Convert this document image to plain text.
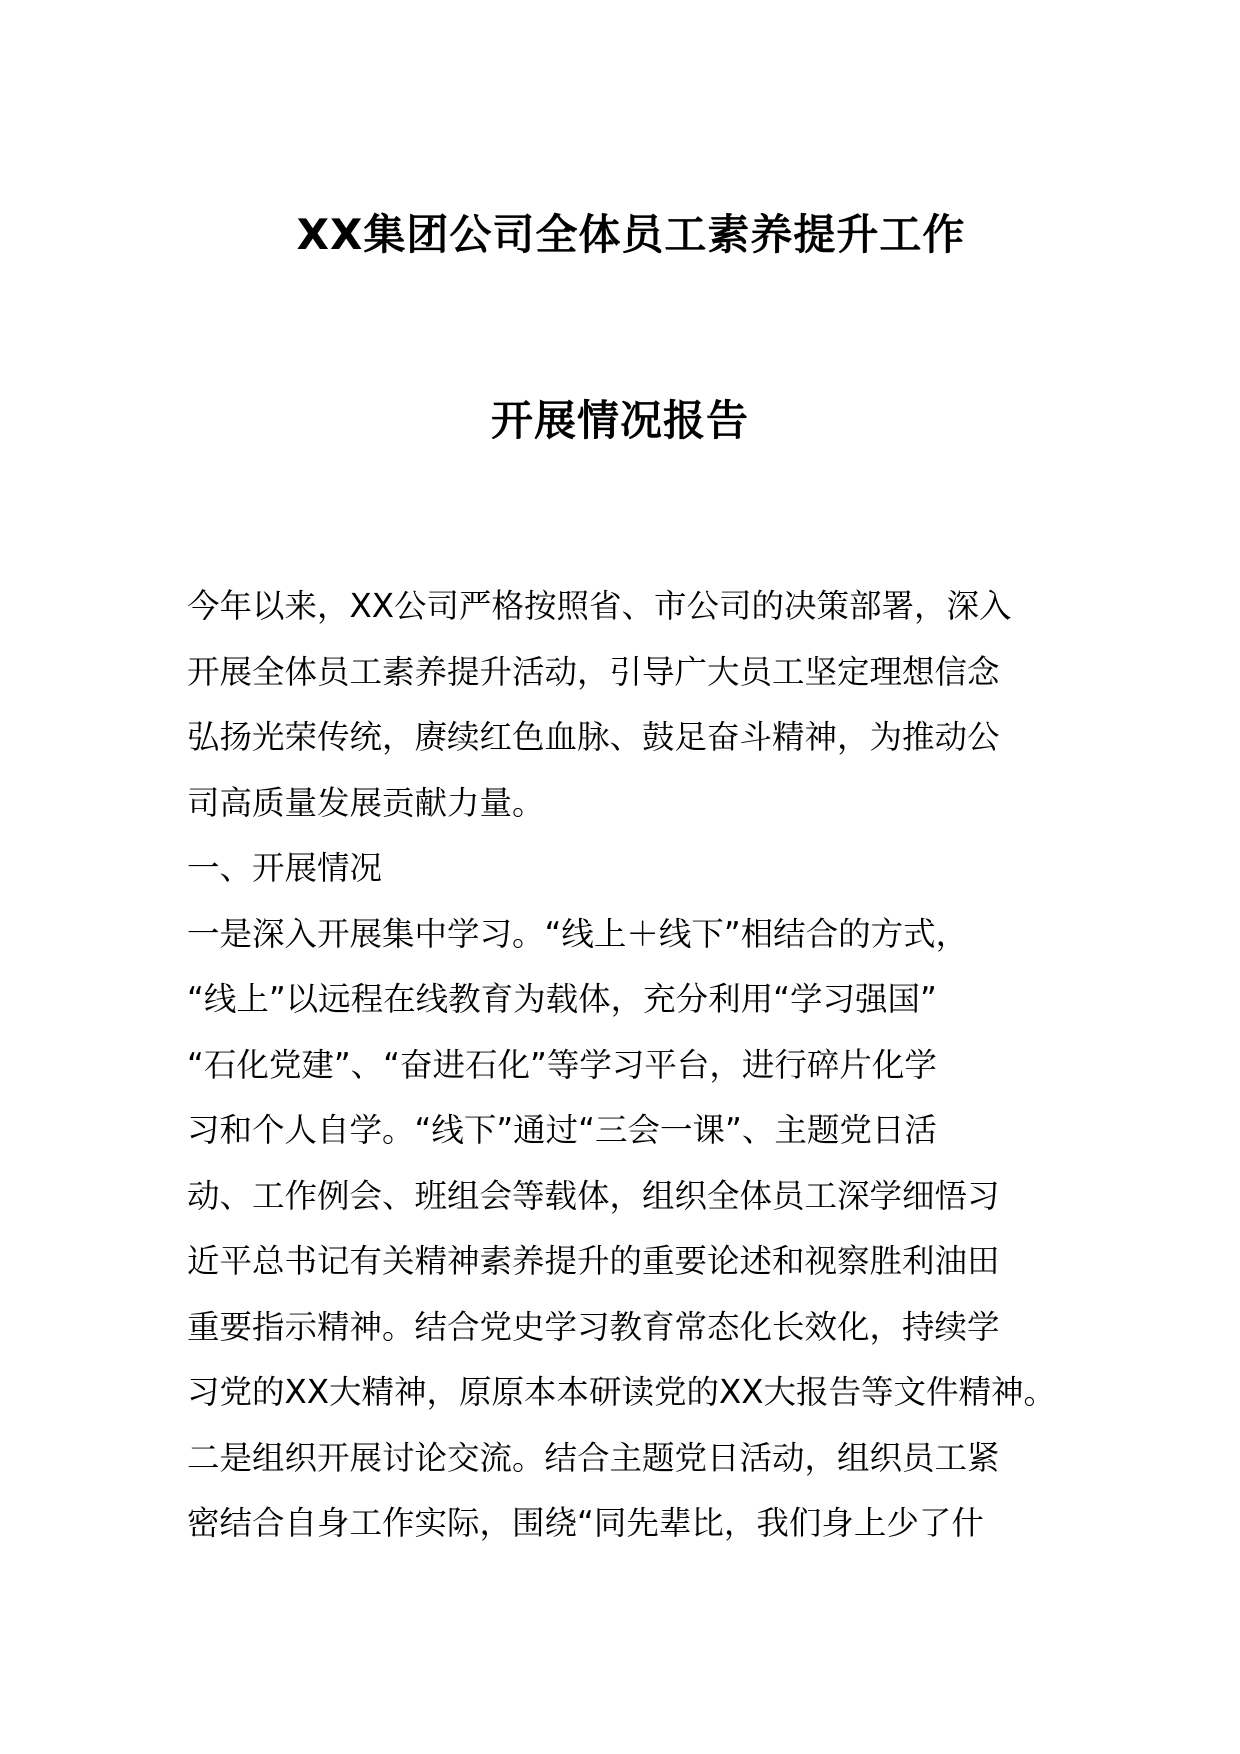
XX集团公司全体员工素养提升工作
开展情况报告

今年以来，XX公司严格按照省、市公司的决策部署，深入

开展全体员工素养提升活动，引导广大员工坚定理想信念

弘扬光荣传统，赓续红色血脉、鼓足奋斗精神，为推动公

司高质量发展贡献力量。

一、开展情况

一是深入开展集中学习。“线上＋线下”相结合的方式，

“线上”以远程在线教育为载体，充分利用“学习强国”

“石化党建”、“奋进石化”等学习平台，进行碎片化学

习和个人自学。“线下”通过“三会一课”、主题党日活

动、工作例会、班组会等载体，组织全体员工深学细悟习

近平总书记有关精神素养提升的重要论述和视察胜利油田

重要指示精神。结合党史学习教育常态化长效化，持续学

习党的XX大精神，原原本本研读党的XX大报告等文件精神。

二是组织开展讨论交流。结合主题党日活动，组织员工紧

密结合自身工作实际，围绕“同先辈比，我们身上少了什
